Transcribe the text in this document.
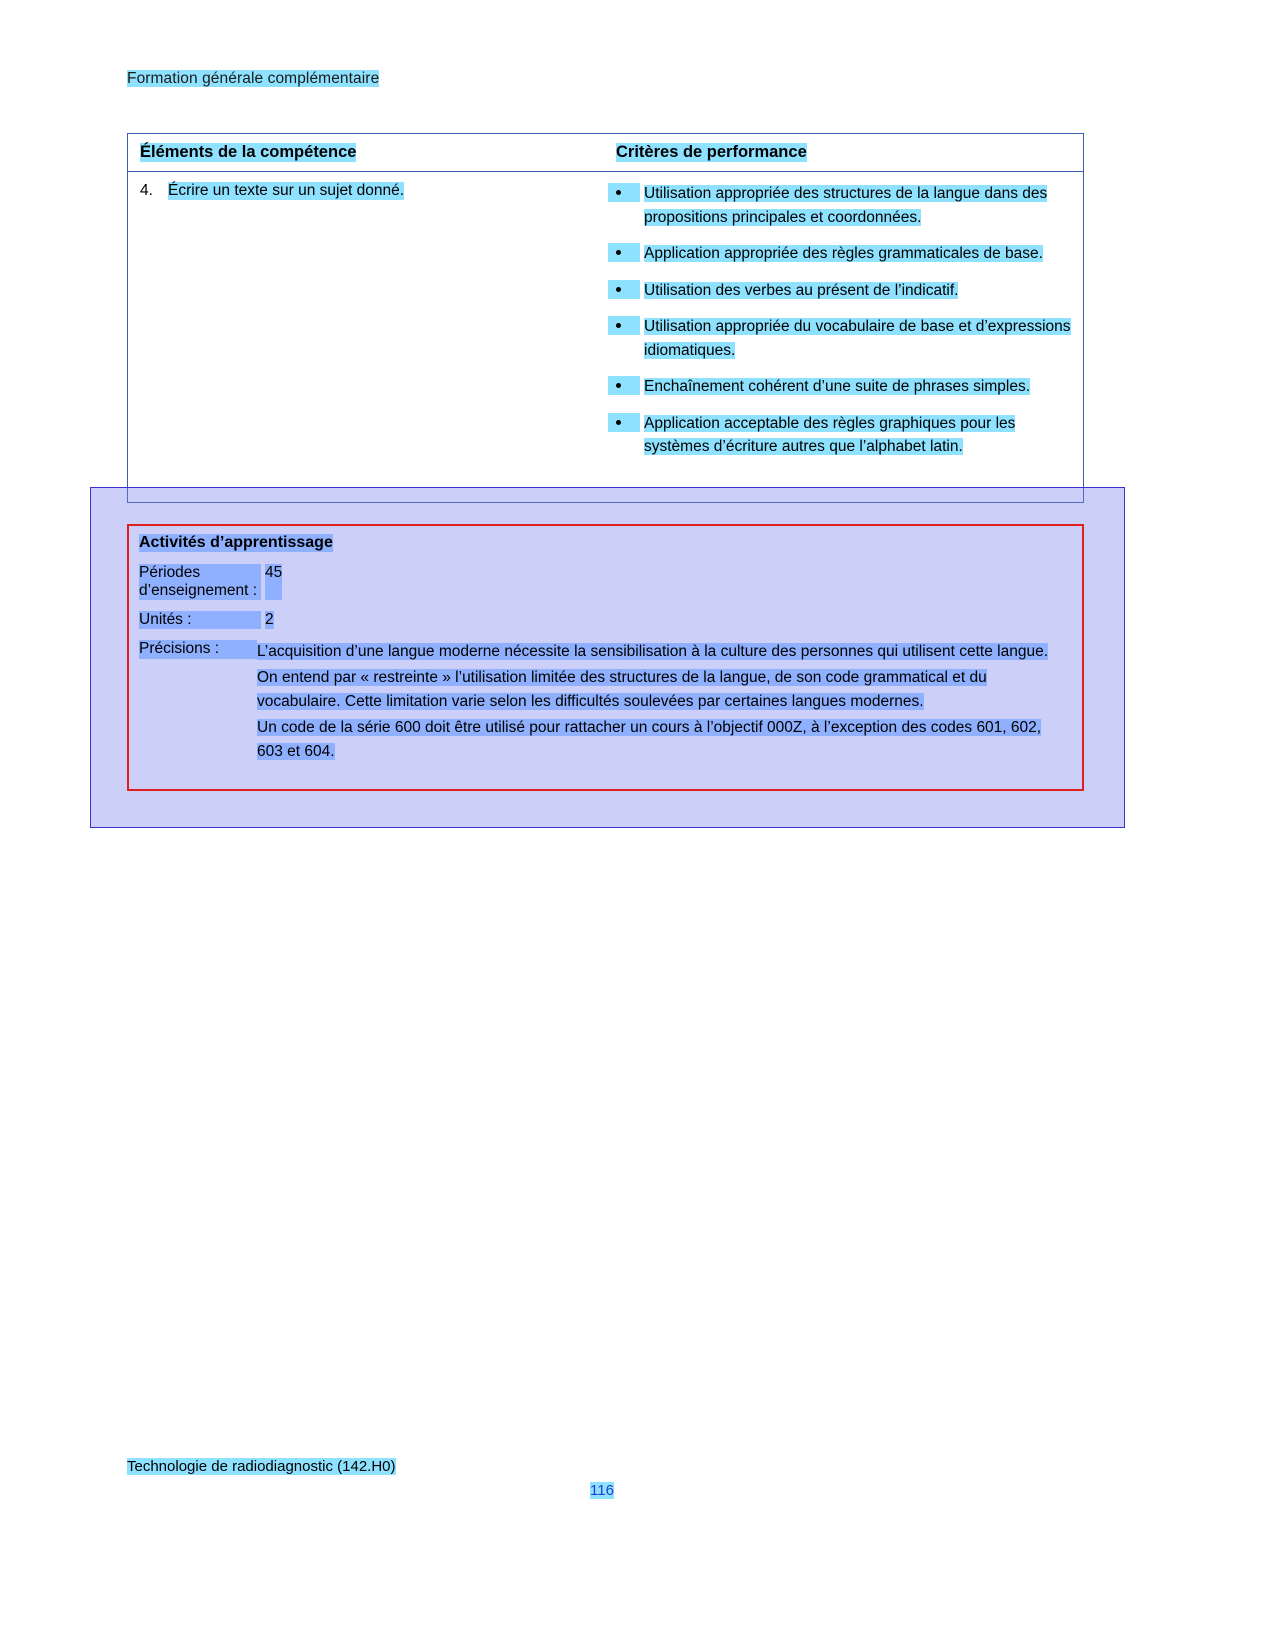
Formation générale complémentaire
Éléments de la compétence	Critères de performance
4. Écrire un texte sur un sujet donné.	Utilisation appropriée des structures de la langue dans des propositions principales et coordonnées.
Application appropriée des règles grammaticales de base.
Utilisation des verbes au présent de l’indicatif.
Utilisation appropriée du vocabulaire de base et d’expressions idiomatiques.
Enchaînement cohérent d’une suite de phrases simples.
Application acceptable des règles graphiques pour les systèmes d’écriture autres que l’alphabet latin.
Activités d’apprentissage
Périodes d’enseignement :
45
Unités :	2
Précisions :	L’acquisition d’une langue moderne nécessite la sensibilisation à la culture des personnes qui utilisent cette langue.
On entend par « restreinte » l’utilisation limitée des structures de la langue, de son code grammatical et du vocabulaire. Cette limitation varie selon les difficultés soulevées par certaines langues modernes.
Un code de la série 600 doit être utilisé pour rattacher un cours à l’objectif 000Z, à l’exception des codes 601, 602, 603 et 604.
Technologie de radiodiagnostic (142.H0)
116
